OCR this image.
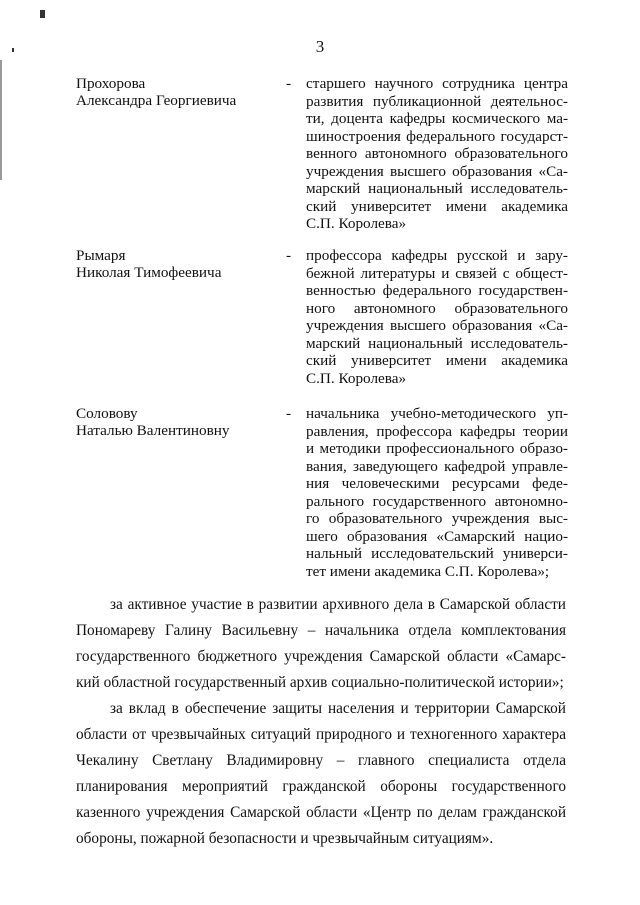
3
Прохорова
Александра Георгиевича
- старшего научного сотрудника центра
развития публикационной деятельнос-
ти, доцента кафедры космического ма-
шиностроения федерального государст-
венного автономного образовательного
учреждения высшего образования «Са-
марский национальный исследователь-
ский университет имени академика
С.П. Королева»
Рымаря
Николая Тимофеевича
- профессора кафедры русской и зару-
бежной литературы и связей с общест-
венностью федерального государствен-
ного автономного образовательного
учреждения высшего образования «Са-
марский национальный исследователь-
ский университет имени академика
С.П. Королева»
Соловову
Наталью Валентиновну
- начальника учебно-методического уп-
равления, профессора кафедры теории
и методики профессионального образо-
вания, заведующего кафедрой управле-
ния человеческими ресурсами феде-
рального государственного автономно-
го образовательного учреждения выс-
шего образования «Самарский нацио-
нальный исследовательский универси-
тет имени академика С.П. Королева»;
за активное участие в развитии архивного дела в Самарской области
Пономареву Галину Васильевну – начальника отдела комплектования
государственного бюджетного учреждения Самарской области «Самарс-
кий областной государственный архив социально-политической истории»;
за вклад в обеспечение защиты населения и территории Самарской
области от чрезвычайных ситуаций природного и техногенного характера
Чекалину Светлану Владимировну – главного специалиста отдела
планирования мероприятий гражданской обороны государственного
казенного учреждения Самарской области «Центр по делам гражданской
обороны, пожарной безопасности и чрезвычайным ситуациям».
